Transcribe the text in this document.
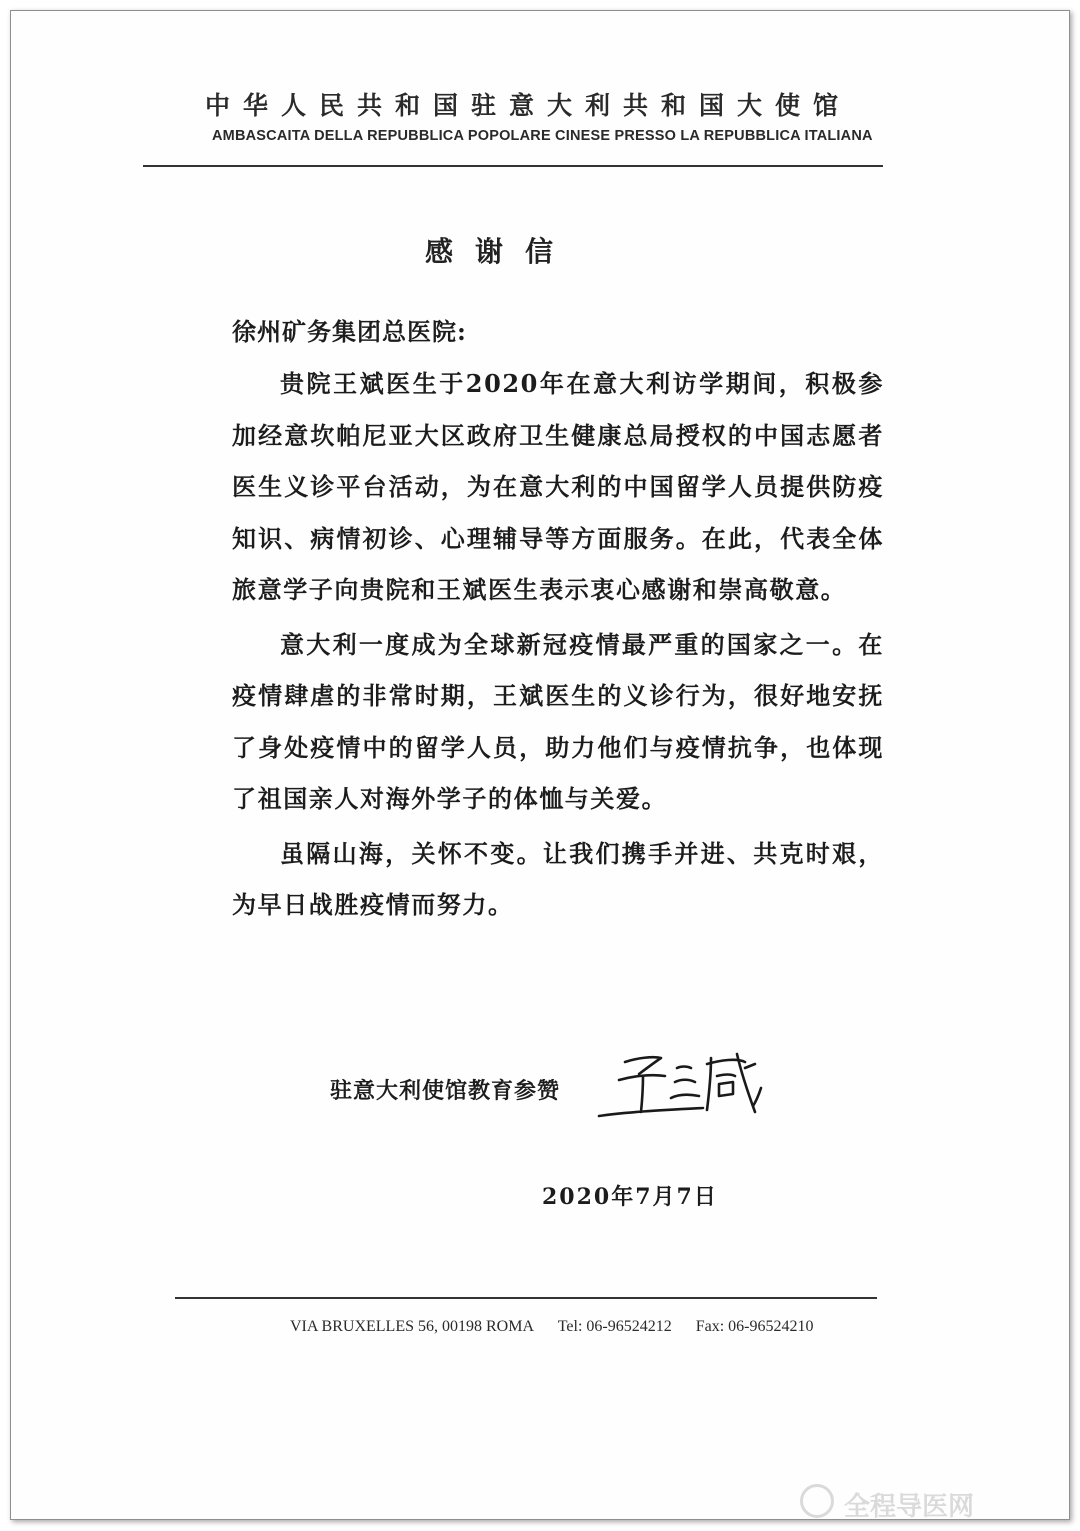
中华人民共和国驻意大利共和国大使馆
AMBASCAITA DELLA REPUBBLICA POPOLARE CINESE PRESSO LA REPUBBLICA ITALIANA
感谢信
徐州矿务集团总医院:

贵院王斌医生于2020年在意大利访学期间，积极参加经意坎帕尼亚大区政府卫生健康总局授权的中国志愿者医生义诊平台活动，为在意大利的中国留学人员提供防疫知识、病情初诊、心理辅导等方面服务。在此，代表全体旅意学子向贵院和王斌医生表示衷心感谢和崇高敬意。

意大利一度成为全球新冠疫情最严重的国家之一。在疫情肆虐的非常时期，王斌医生的义诊行为，很好地安抚了身处疫情中的留学人员，助力他们与疫情抗争，也体现了祖国亲人对海外学子的体恤与关爱。

虽隔山海，关怀不变。让我们携手并进、共克时艰，为早日战胜疫情而努力。

驻意大利使馆教育参赞
2020年7月7日
VIA BRUXELLES 56, 00198 ROMA Tel: 06-96524212 Fax: 06-96524210
全程导医网
